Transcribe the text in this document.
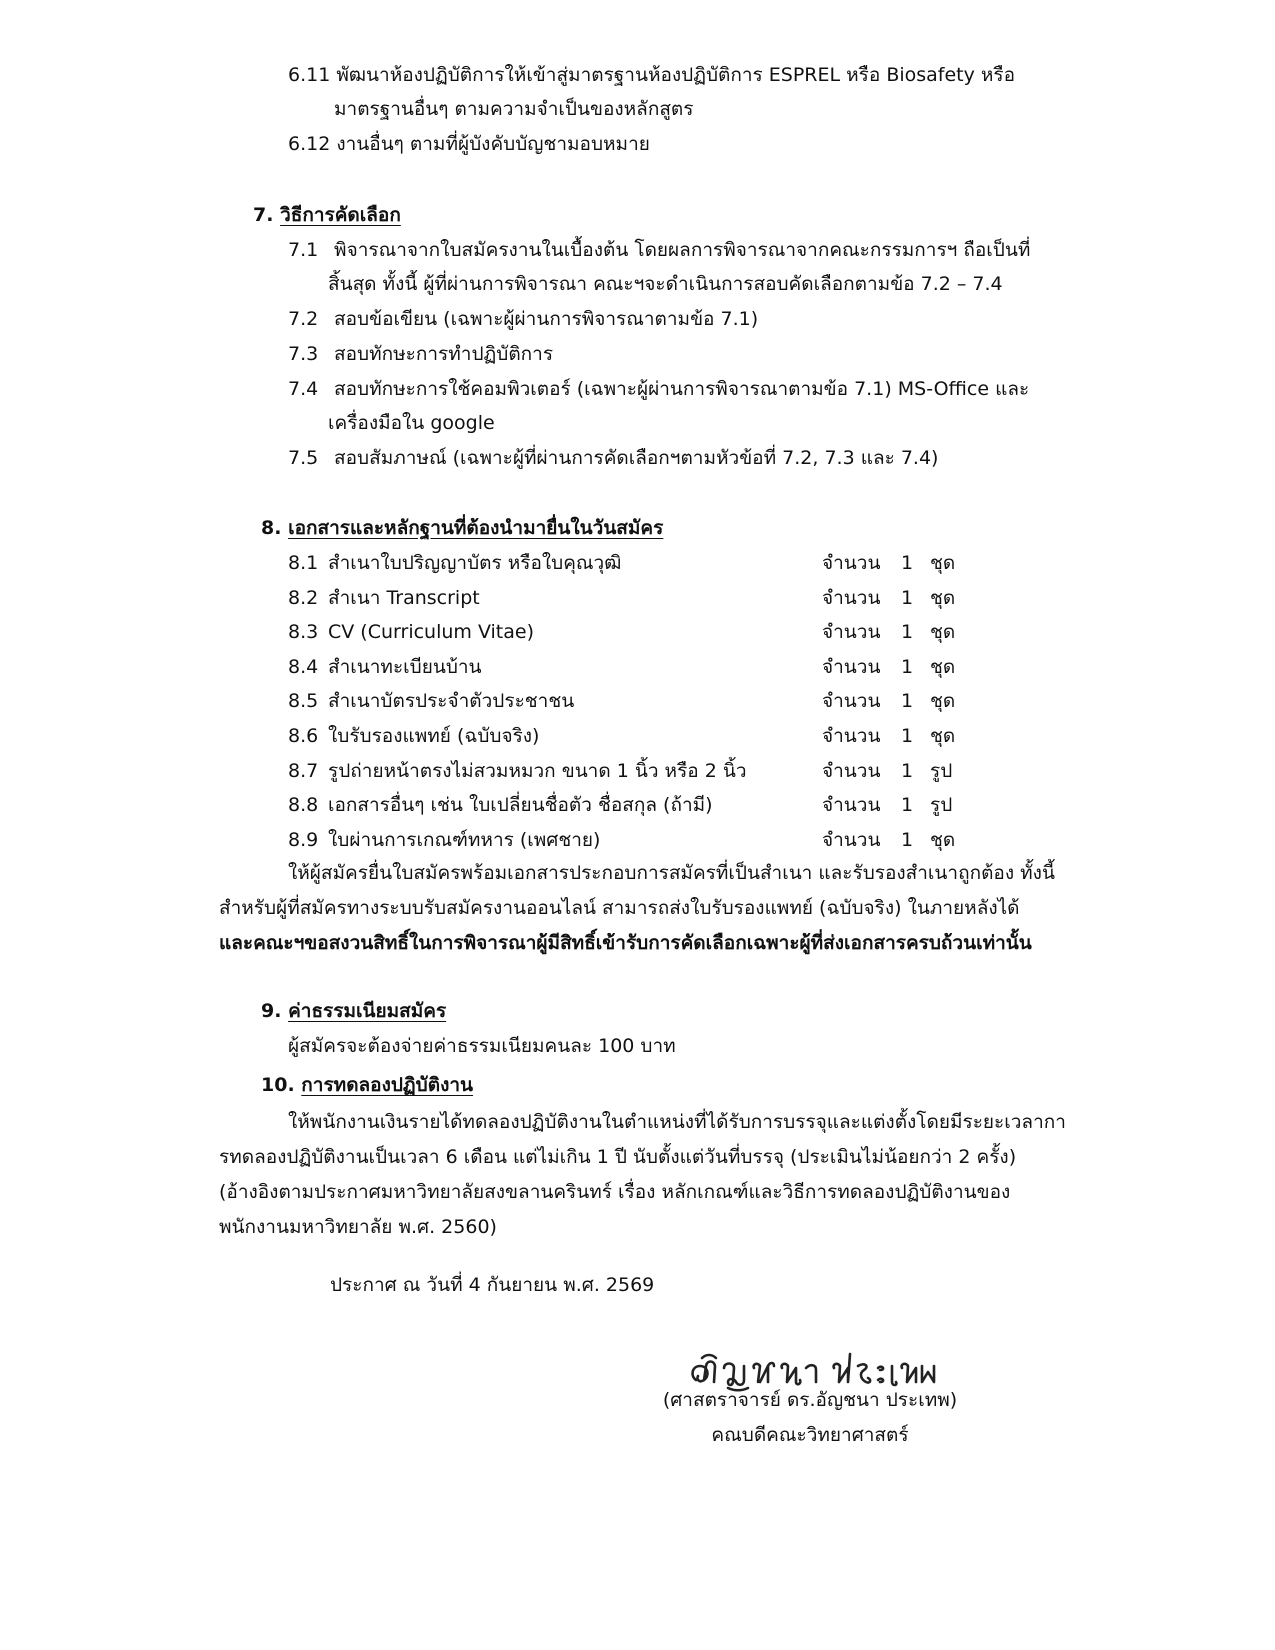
6.11 พัฒนาห้องปฏิบัติการให้เข้าสู่มาตรฐานห้องปฏิบัติการ ESPREL หรือ Biosafety หรือ
มาตรฐานอื่นๆ ตามความจำเป็นของหลักสูตร
6.12 งานอื่นๆ ตามที่ผู้บังคับบัญชามอบหมาย
7. วิธีการคัดเลือก
7.1 พิจารณาจากใบสมัครงานในเบื้องต้น โดยผลการพิจารณาจากคณะกรรมการฯ ถือเป็นที่
สิ้นสุด ทั้งนี้ ผู้ที่ผ่านการพิจารณา คณะฯจะดำเนินการสอบคัดเลือกตามข้อ 7.2 – 7.4
7.2 สอบข้อเขียน (เฉพาะผู้ผ่านการพิจารณาตามข้อ 7.1)
7.3 สอบทักษะการทำปฏิบัติการ
7.4 สอบทักษะการใช้คอมพิวเตอร์ (เฉพาะผู้ผ่านการพิจารณาตามข้อ 7.1) MS-Office และ
เครื่องมือใน google
7.5 สอบสัมภาษณ์ (เฉพาะผู้ที่ผ่านการคัดเลือกฯตามหัวข้อที่ 7.2, 7.3 และ 7.4)
8. เอกสารและหลักฐานที่ต้องนำมายื่นในวันสมัคร
8.1 สำเนาใบปริญญาบัตร หรือใบคุณวุฒิ	จำนวน 1 ชุด
8.2 สำเนา Transcript	จำนวน 1 ชุด
8.3 CV (Curriculum Vitae)	จำนวน 1 ชุด
8.4 สำเนาทะเบียนบ้าน	จำนวน 1 ชุด
8.5 สำเนาบัตรประจำตัวประชาชน	จำนวน 1 ชุด
8.6 ใบรับรองแพทย์ (ฉบับจริง)	จำนวน 1 ชุด
8.7 รูปถ่ายหน้าตรงไม่สวมหมวก ขนาด 1 นิ้ว หรือ 2 นิ้ว	จำนวน 1 รูป
8.8 เอกสารอื่นๆ เช่น ใบเปลี่ยนชื่อตัว ชื่อสกุล (ถ้ามี)	จำนวน 1 รูป
8.9 ใบผ่านการเกณฑ์ทหาร (เพศชาย)	จำนวน 1 ชุด
ให้ผู้สมัครยื่นใบสมัครพร้อมเอกสารประกอบการสมัครที่เป็นสำเนา และรับรองสำเนาถูกต้อง ทั้งนี้
สำหรับผู้ที่สมัครทางระบบรับสมัครงานออนไลน์ สามารถส่งใบรับรองแพทย์ (ฉบับจริง) ในภายหลังได้
และคณะฯขอสงวนสิทธิ์ในการพิจารณาผู้มีสิทธิ์เข้ารับการคัดเลือกเฉพาะผู้ที่ส่งเอกสารครบถ้วนเท่านั้น
9. ค่าธรรมเนียมสมัคร
ผู้สมัครจะต้องจ่ายค่าธรรมเนียมคนละ 100 บาท
10. การทดลองปฏิบัติงาน
ให้พนักงานเงินรายได้ทดลองปฏิบัติงานในตำแหน่งที่ได้รับการบรรจุและแต่งตั้งโดยมีระยะเวลากา
รทดลองปฏิบัติงานเป็นเวลา 6 เดือน แต่ไม่เกิน 1 ปี นับตั้งแต่วันที่บรรจุ (ประเมินไม่น้อยกว่า 2 ครั้ง)
(อ้างอิงตามประกาศมหาวิทยาลัยสงขลานครินทร์ เรื่อง หลักเกณฑ์และวิธีการทดลองปฏิบัติงานของ
พนักงานมหาวิทยาลัย พ.ศ. 2560)
ประกาศ ณ วันที่ 4 กันยายน พ.ศ. 2569
(ศาสตราจารย์ ดร.อัญชนา ประเทพ)
คณบดีคณะวิทยาศาสตร์
